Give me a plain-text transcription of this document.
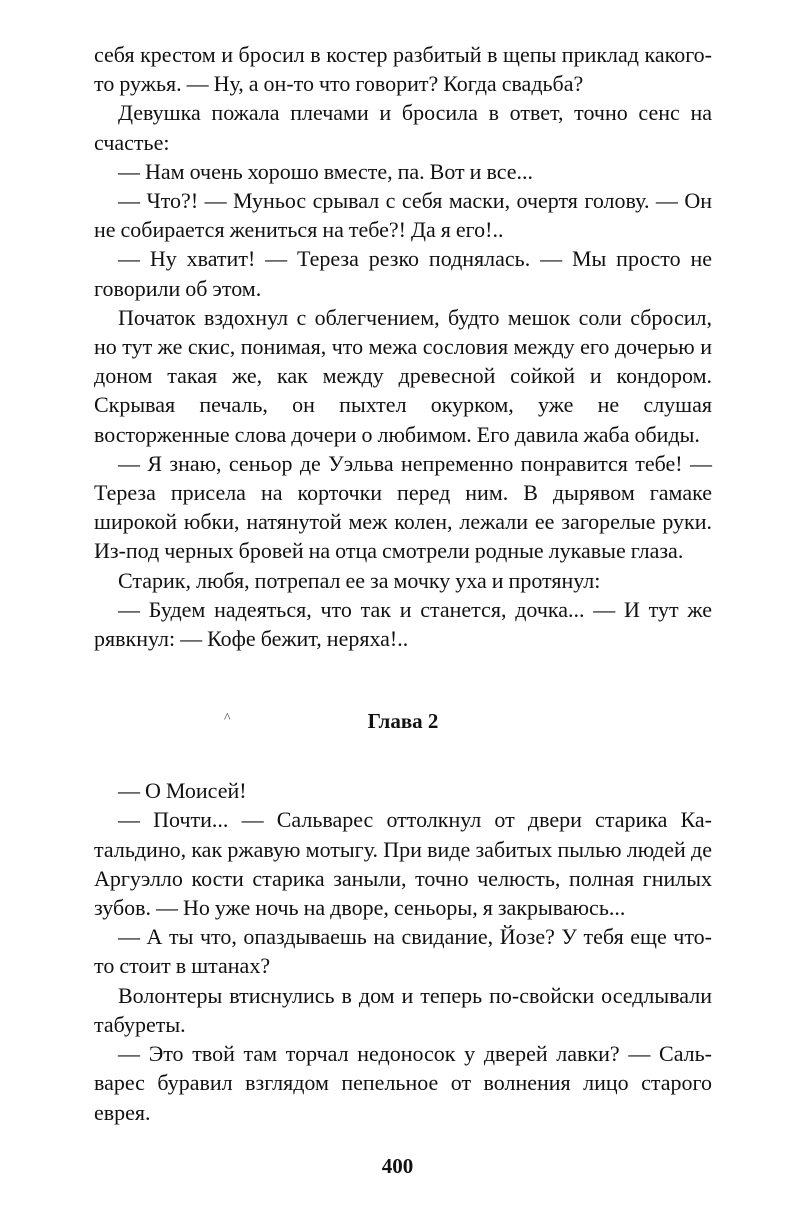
себя крестом и бросил в костер разбитый в щепы приклад какого-то ружья. — Ну, а он-то что говорит? Когда свадьба?

Девушка пожала плечами и бросила в ответ, точно сенс на счастье:

— Нам очень хорошо вместе, па. Вот и все...

— Что?! — Муньос срывал с себя маски, очертя голову. — Он не собирается жениться на тебе?! Да я его!..

— Ну хватит! — Тереза резко поднялась. — Мы просто не говорили об этом.

Початок вздохнул с облегчением, будто мешок соли сбросил, но тут же скис, понимая, что межа сословия между его дочерью и доном такая же, как между древесной сойкой и кондором. Скрывая печаль, он пыхтел окурком, уже не слушая восторженные слова дочери о любимом. Его давила жаба обиды.

— Я знаю, сеньор де Уэльва непременно понравится тебе! — Тереза присела на корточки перед ним. В дырявом гамаке широкой юбки, натянутой меж колен, лежали ее загорелые руки. Из-под черных бровей на отца смотрели родные лукавые глаза.

Старик, любя, потрепал ее за мочку уха и протянул:

— Будем надеяться, что так и станется, дочка... — И тут же рявкнул: — Кофе бежит, неряха!..

^	Глава 2

— О Моисей!

— Почти... — Сальварес оттолкнул от двери старика Катальдино, как ржавую мотыгу. При виде забитых пылью людей де Аргуэлло кости старика заныли, точно челюсть, полная гнилых зубов. — Но уже ночь на дворе, сеньоры, я закрываюсь...

— А ты что, опаздываешь на свидание, Йозе? У тебя еще что-то стоит в штанах?

Волонтеры втиснулись в дом и теперь по-свойски оседлывали табуреты.

— Это твой там торчал недоносок у дверей лавки? — Сальварес буравил взглядом пепельное от волнения лицо старого еврея.

400
